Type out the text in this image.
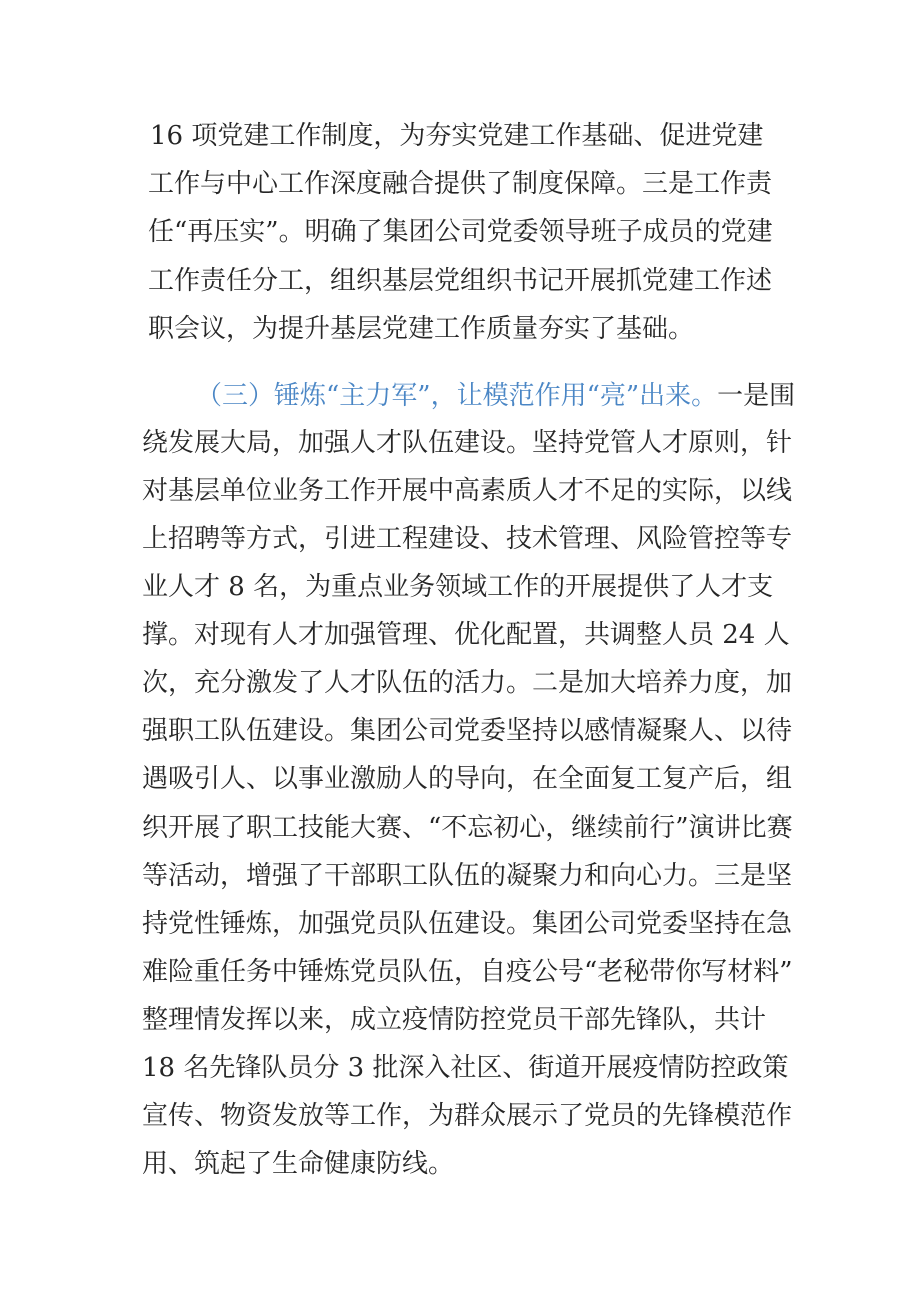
16 项党建工作制度，为夯实党建工作基础、促进党建
工作与中心工作深度融合提供了制度保障。三是工作责
任“再压实”。明确了集团公司党委领导班子成员的党建
工作责任分工，组织基层党组织书记开展抓党建工作述
职会议，为提升基层党建工作质量夯实了基础。
（三）锤炼“主力军”，让模范作用“亮”出来。一是围
绕发展大局，加强人才队伍建设。坚持党管人才原则，针
对基层单位业务工作开展中高素质人才不足的实际，以线
上招聘等方式，引进工程建设、技术管理、风险管控等专
业人才 8 名，为重点业务领域工作的开展提供了人才支
撑。对现有人才加强管理、优化配置，共调整人员 24 人
次，充分激发了人才队伍的活力。二是加大培养力度，加
强职工队伍建设。集团公司党委坚持以感情凝聚人、以待
遇吸引人、以事业激励人的导向，在全面复工复产后，组
织开展了职工技能大赛、“不忘初心，继续前行”演讲比赛
等活动，增强了干部职工队伍的凝聚力和向心力。三是坚
持党性锤炼，加强党员队伍建设。集团公司党委坚持在急
难险重任务中锤炼党员队伍，自疫公号“老秘带你写材料”
整理情发挥以来，成立疫情防控党员干部先锋队，共计
18 名先锋队员分 3 批深入社区、街道开展疫情防控政策
宣传、物资发放等工作，为群众展示了党员的先锋模范作
用、筑起了生命健康防线。
